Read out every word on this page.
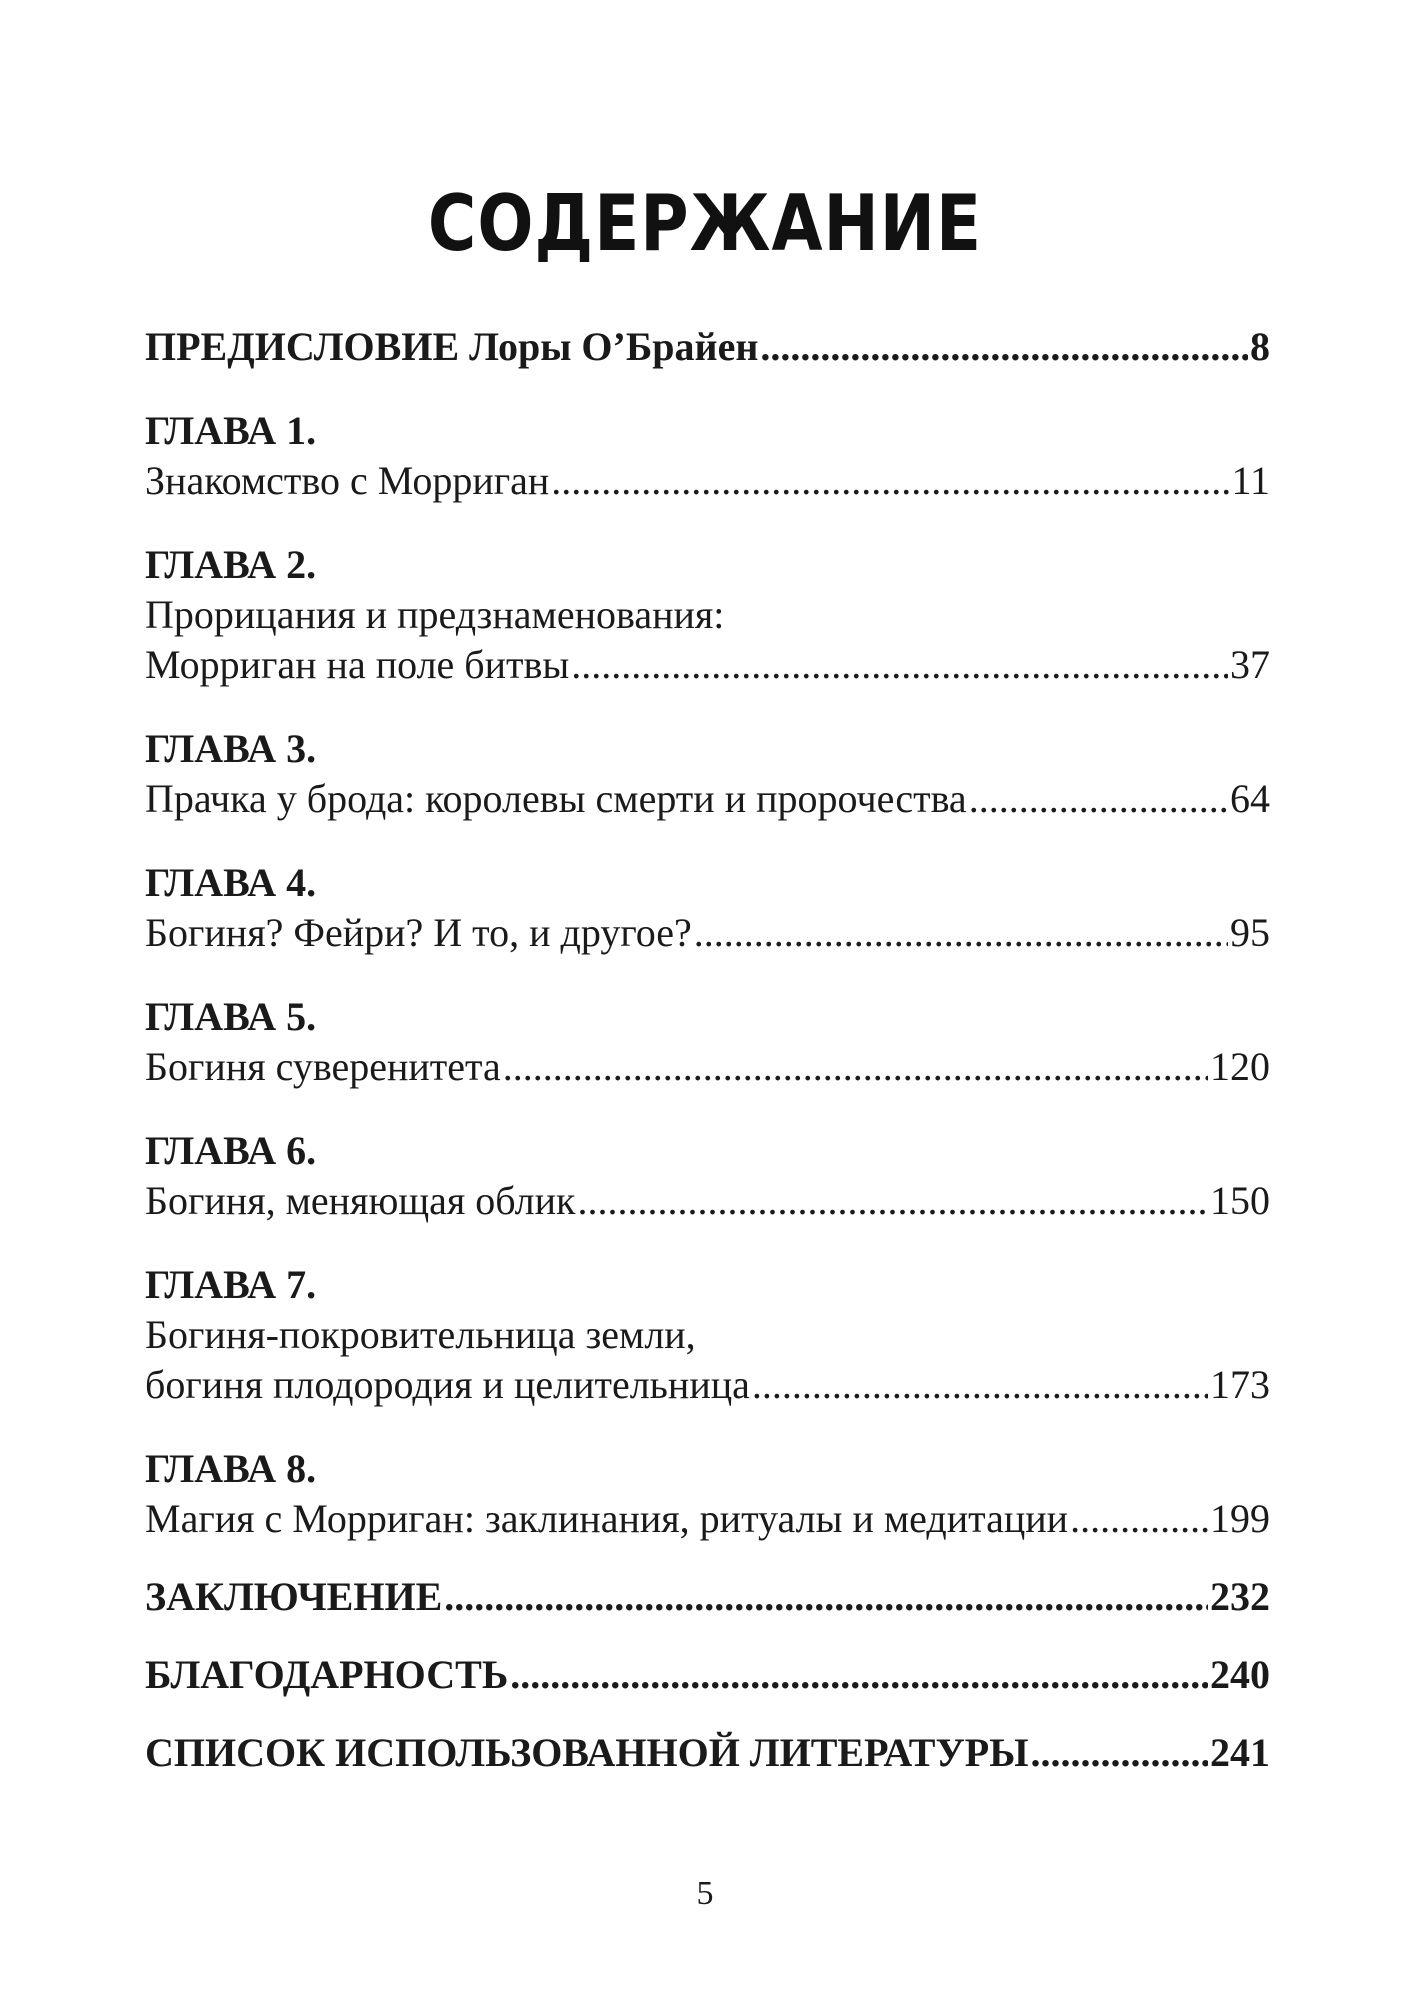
СОДЕРЖАНИЕ
ПРЕДИСЛОВИЕ Лоры О’Брайен .....	8
ГЛАВА 1.
Знакомство с Морриган .....	11
ГЛАВА 2.
Прорицания и предзнаменования:
Морриган на поле битвы .....	37
ГЛАВА 3.
Прачка у брода: королевы смерти и пророчества .....	64
ГЛАВА 4.
Богиня? Фейри? И то, и другое? .....	95
ГЛАВА 5.
Богиня суверенитета .....	120
ГЛАВА 6.
Богиня, меняющая облик .....	150
ГЛАВА 7.
Богиня-покровительница земли,
богиня плодородия и целительница .....	173
ГЛАВА 8.
Магия с Морриган: заклинания, ритуалы и медитации .....	199
ЗАКЛЮЧЕНИЕ .....	232
БЛАГОДАРНОСТЬ .....	240
СПИСОК ИСПОЛЬЗОВАННОЙ ЛИТЕРАТУРЫ .....	241
5
